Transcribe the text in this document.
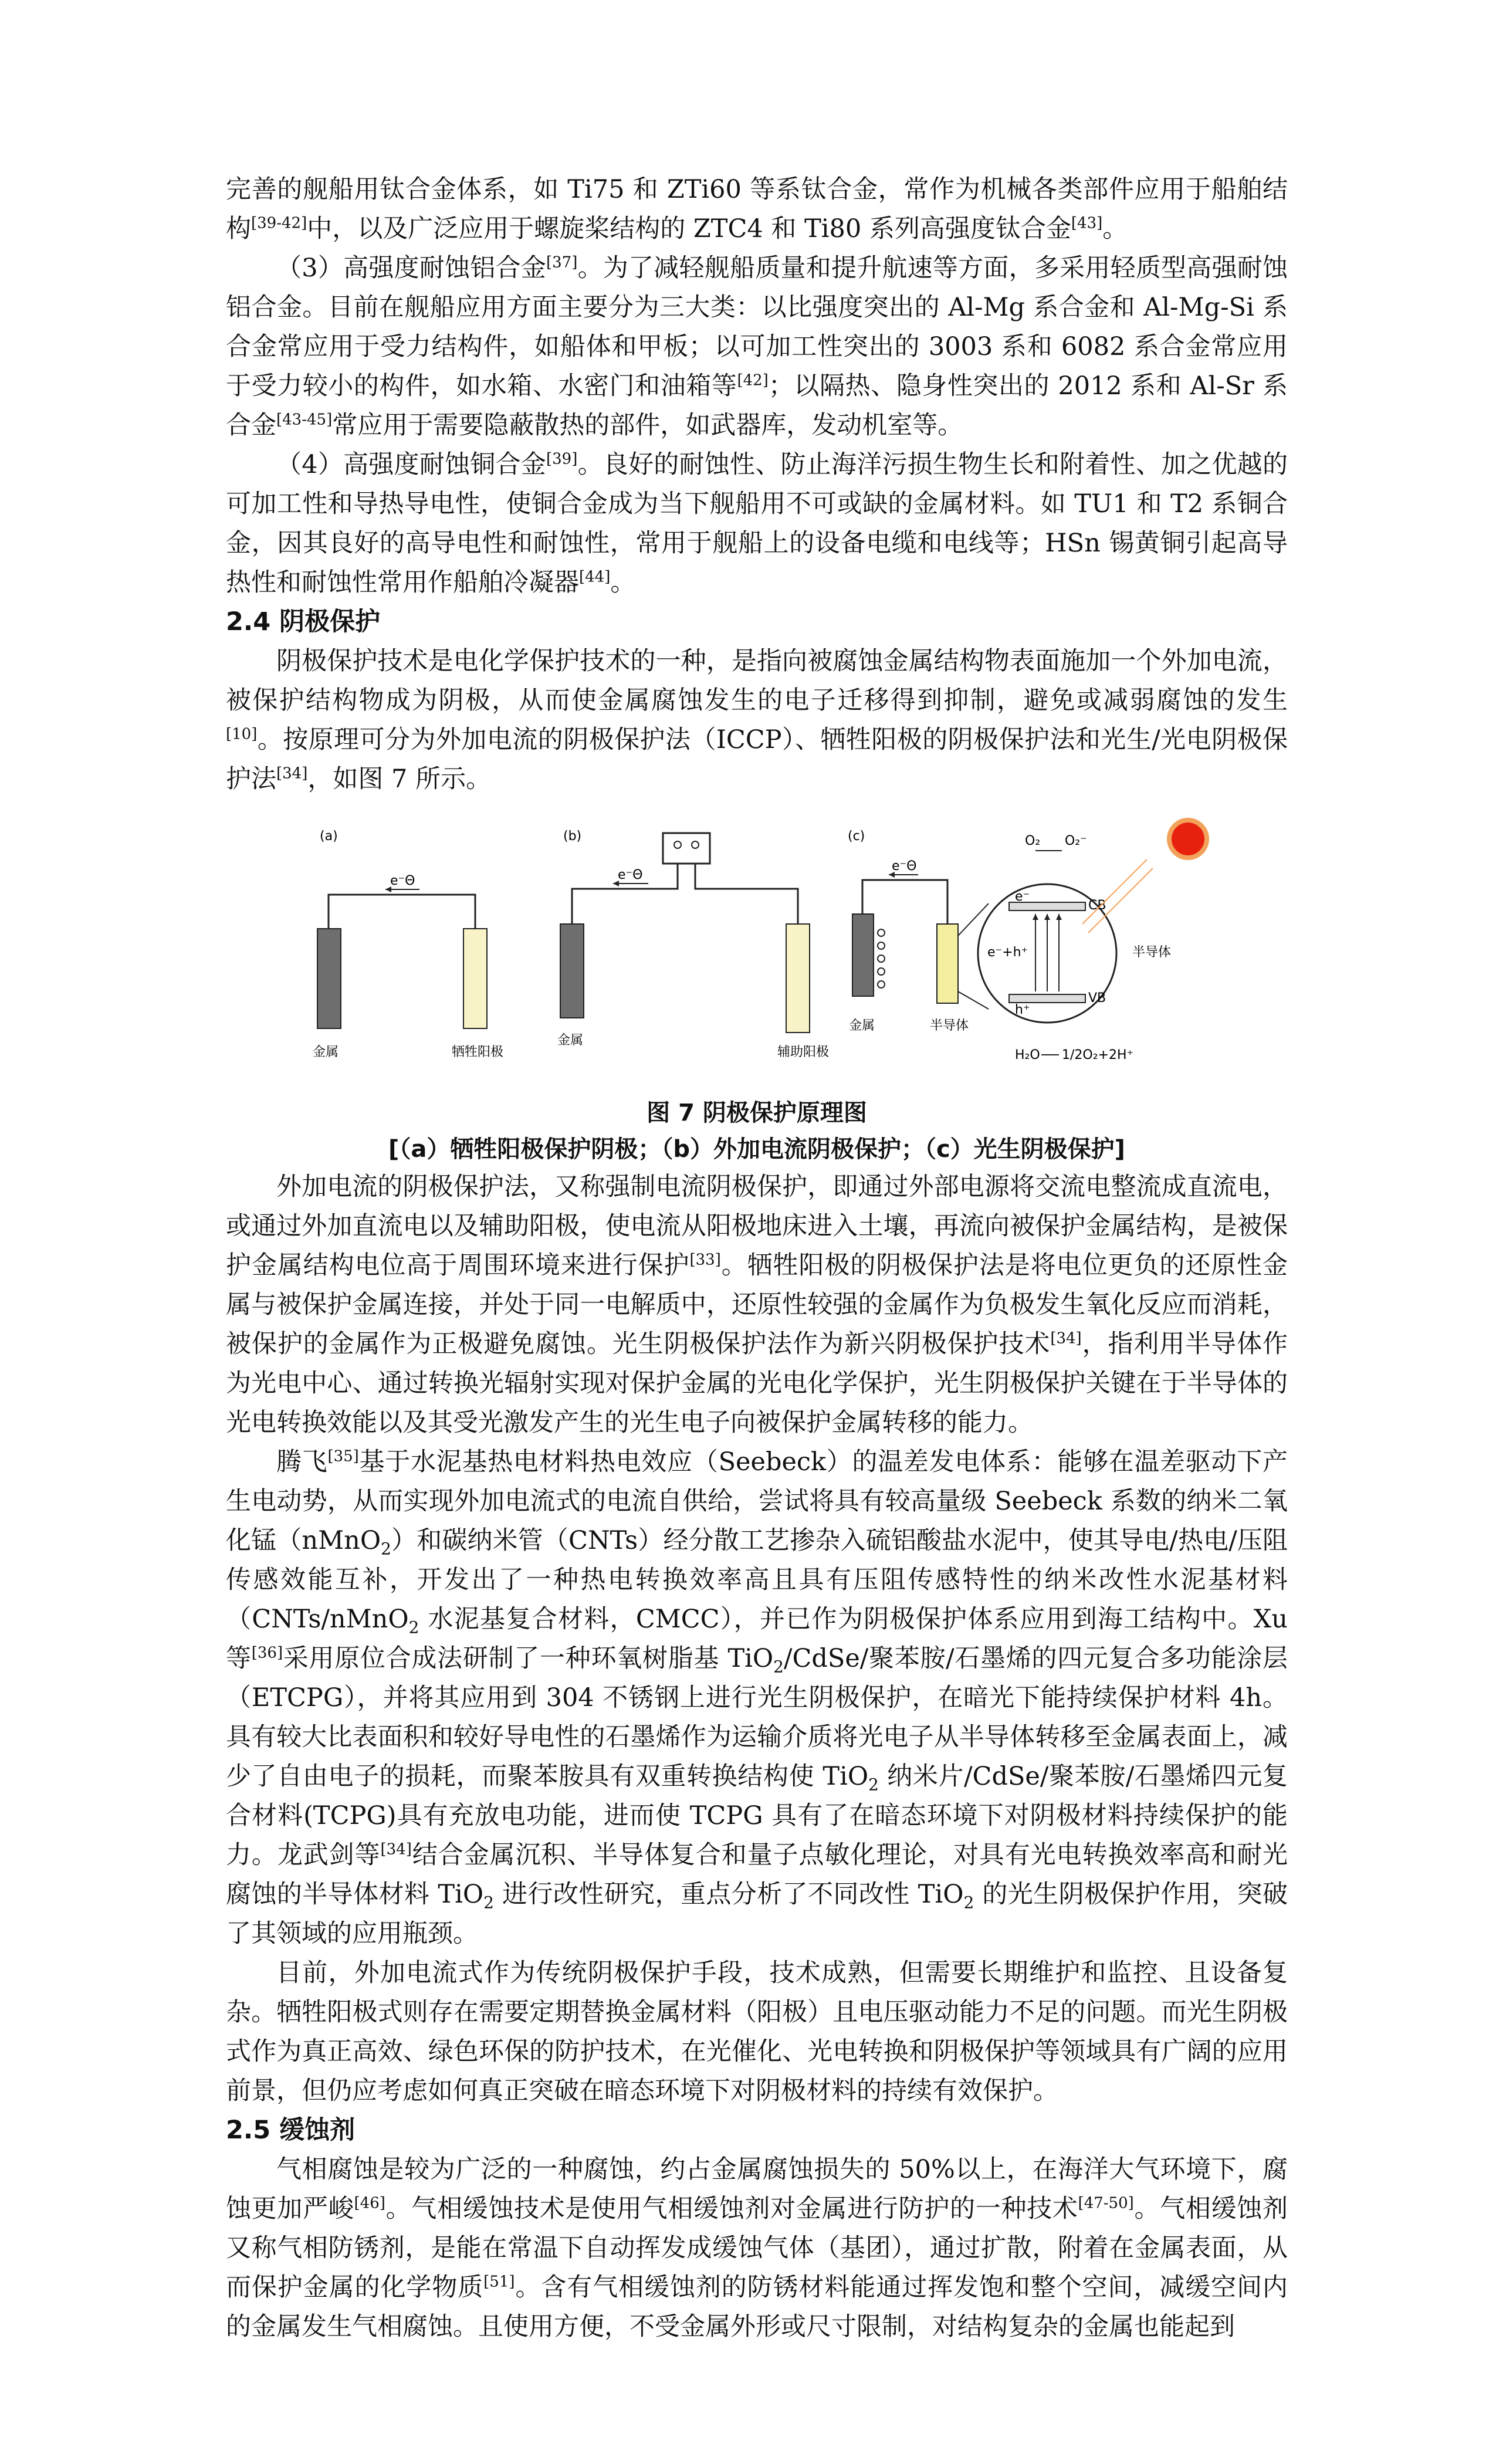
完善的舰船用钛合金体系，如 Ti75 和 ZTi60 等系钛合金，常作为机械各类部件应用于船舶结构[39-42]中，以及广泛应用于螺旋桨结构的 ZTC4 和 Ti80 系列高强度钛合金[43]。

（3）高强度耐蚀铝合金[37]。为了减轻舰船质量和提升航速等方面，多采用轻质型高强耐蚀铝合金。目前在舰船应用方面主要分为三大类：以比强度突出的 Al-Mg 系合金和 Al-Mg-Si 系合金常应用于受力结构件，如船体和甲板；以可加工性突出的 3003 系和 6082 系合金常应用于受力较小的构件，如水箱、水密门和油箱等[42]；以隔热、隐身性突出的 2012 系和 Al-Sr 系合金[43-45]常应用于需要隐蔽散热的部件，如武器库，发动机室等。

（4）高强度耐蚀铜合金[39]。良好的耐蚀性、防止海洋污损生物生长和附着性、加之优越的可加工性和导热导电性，使铜合金成为当下舰船用不可或缺的金属材料。如 TU1 和 T2 系铜合金，因其良好的高导电性和耐蚀性，常用于舰船上的设备电缆和电线等；HSn 锡黄铜引起高导热性和耐蚀性常用作船舶冷凝器[44]。

2.4 阴极保护

阴极保护技术是电化学保护技术的一种，是指向被腐蚀金属结构物表面施加一个外加电流，被保护结构物成为阴极，从而使金属腐蚀发生的电子迁移得到抑制，避免或减弱腐蚀的发生[10]。按原理可分为外加电流的阴极保护法（ICCP）、牺牲阳极的阴极保护法和光生/光电阴极保护法[34]，如图 7 所示。

(a)
e⁻Θ
金属	牺牲阳极
(b)
e⁻Θ
金属
辅助阳极
(c)
e⁻Θ
金属	半导体
CB
VB
e⁻
h⁺
e⁻+h⁺
O₂ O₂⁻
H₂O 1/2O₂+2H⁺
半导体

图 7 阴极保护原理图

[（a）牺牲阳极保护阴极；（b）外加电流阴极保护；（c）光生阴极保护]

外加电流的阴极保护法，又称强制电流阴极保护，即通过外部电源将交流电整流成直流电，或通过外加直流电以及辅助阳极，使电流从阳极地床进入土壤，再流向被保护金属结构，是被保护金属结构电位高于周围环境来进行保护[33]。牺牲阳极的阴极保护法是将电位更负的还原性金属与被保护金属连接，并处于同一电解质中，还原性较强的金属作为负极发生氧化反应而消耗，被保护的金属作为正极避免腐蚀。光生阴极保护法作为新兴阴极保护技术[34]，指利用半导体作为光电中心、通过转换光辐射实现对保护金属的光电化学保护，光生阴极保护关键在于半导体的光电转换效能以及其受光激发产生的光生电子向被保护金属转移的能力。

腾飞[35]基于水泥基热电材料热电效应（Seebeck）的温差发电体系：能够在温差驱动下产生电动势，从而实现外加电流式的电流自供给，尝试将具有较高量级 Seebeck 系数的纳米二氧化锰（nMnO$_2$）和碳纳米管（CNTs）经分散工艺掺杂入硫铝酸盐水泥中，使其导电/热电/压阻传感效能互补，开发出了一种热电转换效率高且具有压阻传感特性的纳米改性水泥基材料（CNTs/nMnO$_2$ 水泥基复合材料，CMCC），并已作为阴极保护体系应用到海工结构中。Xu 等[36]采用原位合成法研制了一种环氧树脂基 TiO$_2$/CdSe/聚苯胺/石墨烯的四元复合多功能涂层（ETCPG），并将其应用到 304 不锈钢上进行光生阴极保护，在暗光下能持续保护材料 4h。具有较大比表面积和较好导电性的石墨烯作为运输介质将光电子从半导体转移至金属表面上，减少了自由电子的损耗，而聚苯胺具有双重转换结构使 TiO$_2$ 纳米片/CdSe/聚苯胺/石墨烯四元复合材料(TCPG)具有充放电功能，进而使 TCPG 具有了在暗态环境下对阴极材料持续保护的能力。龙武剑等[34]结合金属沉积、半导体复合和量子点敏化理论，对具有光电转换效率高和耐光腐蚀的半导体材料 TiO$_2$ 进行改性研究，重点分析了不同改性 TiO$_2$ 的光生阴极保护作用，突破了其领域的应用瓶颈。

目前，外加电流式作为传统阴极保护手段，技术成熟，但需要长期维护和监控、且设备复杂。牺牲阳极式则存在需要定期替换金属材料（阳极）且电压驱动能力不足的问题。而光生阴极式作为真正高效、绿色环保的防护技术，在光催化、光电转换和阴极保护等领域具有广阔的应用前景，但仍应考虑如何真正突破在暗态环境下对阴极材料的持续有效保护。

2.5 缓蚀剂

气相腐蚀是较为广泛的一种腐蚀，约占金属腐蚀损失的 50%以上，在海洋大气环境下，腐蚀更加严峻[46]。气相缓蚀技术是使用气相缓蚀剂对金属进行防护的一种技术[47-50]。气相缓蚀剂又称气相防锈剂，是能在常温下自动挥发成缓蚀气体（基团），通过扩散，附着在金属表面，从而保护金属的化学物质[51]。含有气相缓蚀剂的防锈材料能通过挥发饱和整个空间，减缓空间内的金属发生气相腐蚀。且使用方便，不受金属外形或尺寸限制，对结构复杂的金属也能起到
